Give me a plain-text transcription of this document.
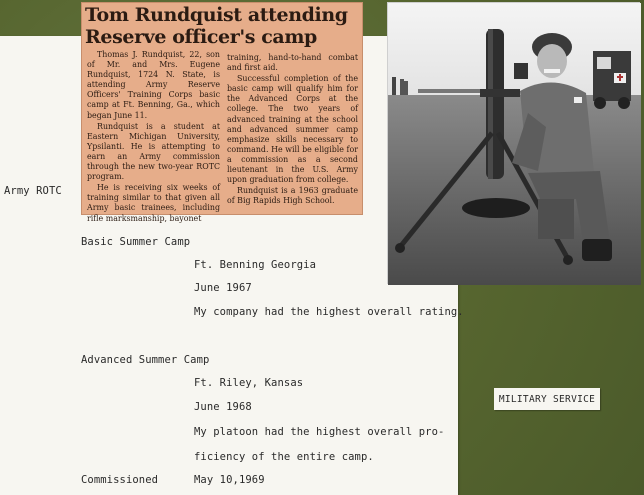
Army ROTC
Tom Rundquist attending
Reserve officer's camp

Thomas J. Rundquist, 22, son of Mr. and Mrs. Eugene Rundquist, 1724 N. State, is attending Army Reserve Officers' Training Corps basic camp at Ft. Benning, Ga., which began June 11.

Rundquist is a student at Eastern Michigan University, Ypsilanti. He is attempting to earn an Army commission through the new two-year ROTC program.

He is receiving six weeks of training similar to that given all Army basic trainees, including rifle marksmanship, bayonet

training, hand-to-hand combat and first aid.

Successful completion of the basic camp will qualify him for the Advanced Corps at the college. The two years of advanced training at the school and advanced summer camp emphasize skills necessary to command. He will be eligible for a commission as a second lieutenant in the U.S. Army upon graduation from college.

Rundquist is a 1963 graduate of Big Rapids High School.

Basic Summer Camp
Ft. Benning Georgia
June 1967
My company had the highest overall rating.
Advanced Summer Camp
Ft. Riley, Kansas
June 1968
My platoon had the highest overall pro-
ficiency of the entire camp.
Commissioned	May 10,1969
MILITARY SERVICE
